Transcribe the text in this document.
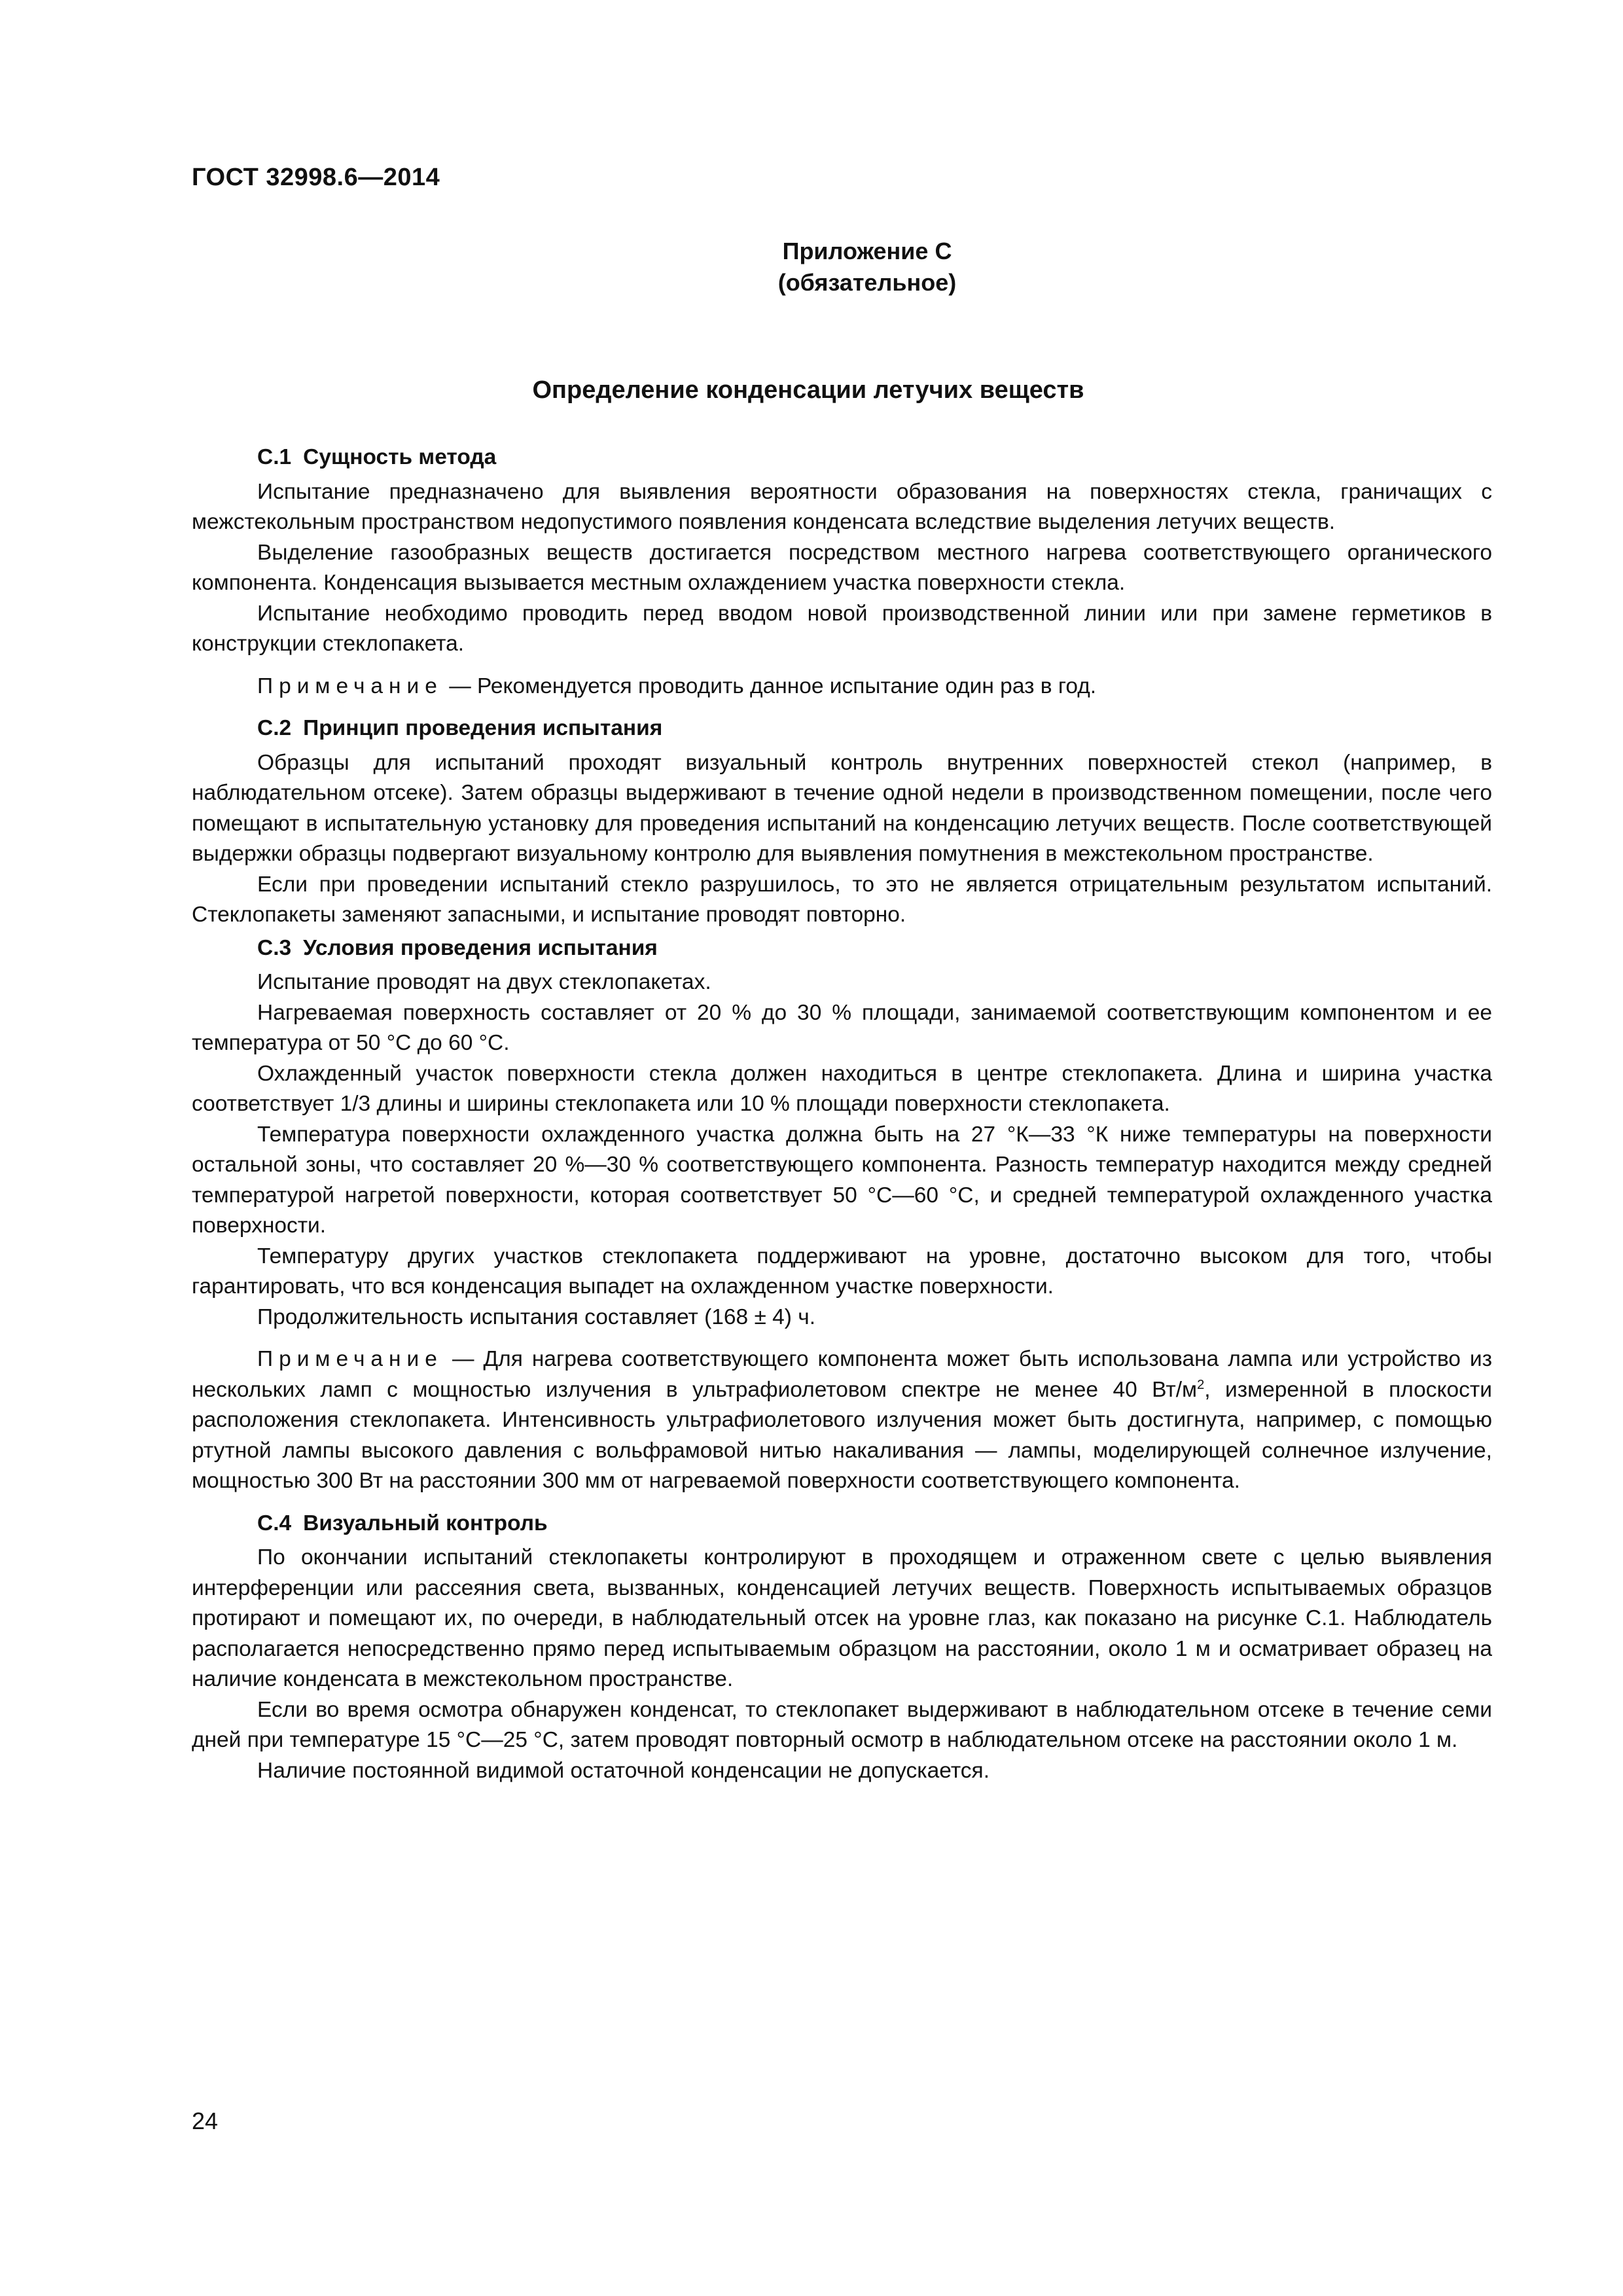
ГОСТ 32998.6—2014
Приложение С
(обязательное)
Определение конденсации летучих веществ
С.1 Сущность метода

Испытание предназначено для выявления вероятности образования на поверхностях стекла, граничащих с межстекольным пространством недопустимого появления конденсата вследствие выделения летучих веществ.

Выделение газообразных веществ достигается посредством местного нагрева соответствующего органического компонента. Конденсация вызывается местным охлаждением участка поверхности стекла.

Испытание необходимо проводить перед вводом новой производственной линии или при замене герметиков в конструкции стеклопакета.

Примечание — Рекомендуется проводить данное испытание один раз в год.

С.2 Принцип проведения испытания

Образцы для испытаний проходят визуальный контроль внутренних поверхностей стекол (например, в наблюдательном отсеке). Затем образцы выдерживают в течение одной недели в производственном помещении, после чего помещают в испытательную установку для проведения испытаний на конденсацию летучих веществ. После соответствующей выдержки образцы подвергают визуальному контролю для выявления помутнения в межстекольном пространстве.

Если при проведении испытаний стекло разрушилось, то это не является отрицательным результатом испытаний. Стеклопакеты заменяют запасными, и испытание проводят повторно.

С.3 Условия проведения испытания

Испытание проводят на двух стеклопакетах.

Нагреваемая поверхность составляет от 20 % до 30 % площади, занимаемой соответствующим компонентом и ее температура от 50 °С до 60 °С.

Охлажденный участок поверхности стекла должен находиться в центре стеклопакета. Длина и ширина участка соответствует 1/3 длины и ширины стеклопакета или 10 % площади поверхности стеклопакета.

Температура поверхности охлажденного участка должна быть на 27 °К—33 °К ниже температуры на поверхности остальной зоны, что составляет 20 %—30 % соответствующего компонента. Разность температур находится между средней температурой нагретой поверхности, которая соответствует 50 °С—60 °С, и средней температурой охлажденного участка поверхности.

Температуру других участков стеклопакета поддерживают на уровне, достаточно высоком для того, чтобы гарантировать, что вся конденсация выпадет на охлажденном участке поверхности.

Продолжительность испытания составляет (168 ± 4) ч.

Примечание — Для нагрева соответствующего компонента может быть использована лампа или устройство из нескольких ламп с мощностью излучения в ультрафиолетовом спектре не менее 40 $Вт/м^2$, измеренной в плоскости расположения стеклопакета. Интенсивность ультрафиолетового излучения может быть достигнута, например, с помощью ртутной лампы высокого давления с вольфрамовой нитью накаливания — лампы, моделирующей солнечное излучение, мощностью 300 Вт на расстоянии 300 мм от нагреваемой поверхности соответствующего компонента.

С.4 Визуальный контроль

По окончании испытаний стеклопакеты контролируют в проходящем и отраженном свете с целью выявления интерференции или рассеяния света, вызванных, конденсацией летучих веществ. Поверхность испытываемых образцов протирают и помещают их, по очереди, в наблюдательный отсек на уровне глаз, как показано на рисунке С.1. Наблюдатель располагается непосредственно прямо перед испытываемым образцом на расстоянии, около 1 м и осматривает образец на наличие конденсата в межстекольном пространстве.

Если во время осмотра обнаружен конденсат, то стеклопакет выдерживают в наблюдательном отсеке в течение семи дней при температуре 15 °С—25 °С, затем проводят повторный осмотр в наблюдательном отсеке на расстоянии около 1 м.

Наличие постоянной видимой остаточной конденсации не допускается.

24
